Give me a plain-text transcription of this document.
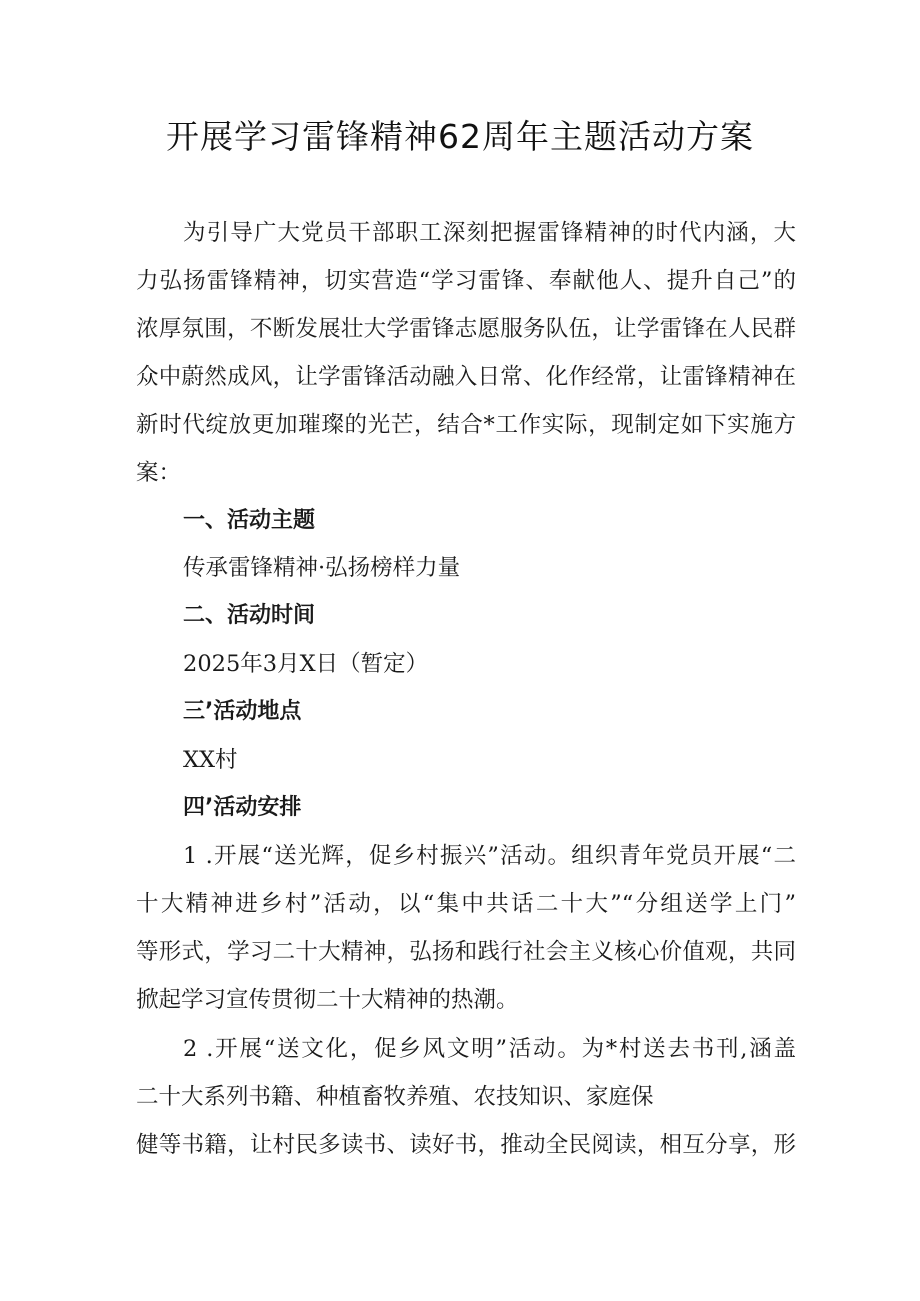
开展学习雷锋精神62周年主题活动方案
为引导广大党员干部职工深刻把握雷锋精神的时代内涵，大
力弘扬雷锋精神，切实营造“学习雷锋、奉献他人、提升自己”的
浓厚氛围，不断发展壮大学雷锋志愿服务队伍，让学雷锋在人民群
众中蔚然成风，让学雷锋活动融入日常、化作经常，让雷锋精神在
新时代绽放更加璀璨的光芒，结合*工作实际，现制定如下实施方
案：
一、活动主题
传承雷锋精神·弘扬榜样力量
二、活动时间
2025年3月X日（暂定）
三’活动地点
XX村
四’活动安排
1 .开展“送光辉，促乡村振兴”活动。组织青年党员开展“二
十大精神进乡村”活动，以“集中共话二十大”“分组送学上门”
等形式，学习二十大精神，弘扬和践行社会主义核心价值观，共同
掀起学习宣传贯彻二十大精神的热潮。
2 .开展“送文化，促乡风文明”活动。为*村送去书刊,涵盖
二十大系列书籍、种植畜牧养殖、农技知识、家庭保
健等书籍，让村民多读书、读好书，推动全民阅读，相互分享，形
